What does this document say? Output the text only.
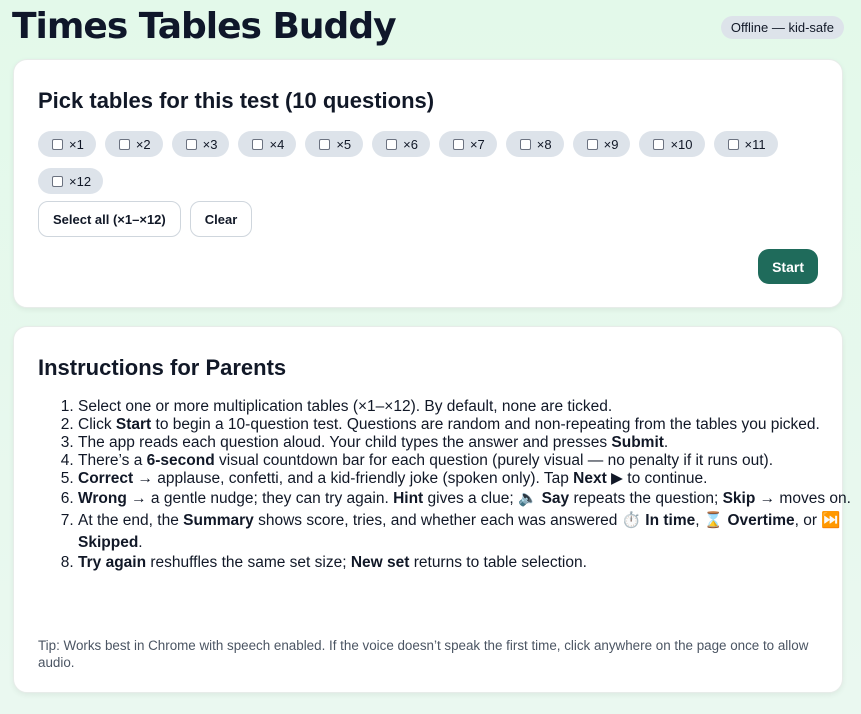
Times Tables Buddy	Offline — kid-safe
Pick tables for this test (10 questions)
×1	×2	×3	×4	×5	×6	×7	×8	×9	×10	×11
×12
Select all (×1–×12)	Clear
Start
Instructions for Parents
1. Select one or more multiplication tables (×1–×12). By default, none are ticked.
2. Click Start to begin a 10-question test. Questions are random and non-repeating from the tables you picked.
3. The app reads each question aloud. Your child types the answer and presses Submit.
4. There’s a 6-second visual countdown bar for each question (purely visual — no penalty if it runs out).
5. Correct → applause, confetti, and a kid-friendly joke (spoken only). Tap Next ▶ to continue.
6. Wrong → a gentle nudge; they can try again. Hint gives a clue; 🔈 Say repeats the question; Skip → moves on.
7. At the end, the Summary shows score, tries, and whether each was answered ⏱️ In time, ⌛ Overtime, or ⏭️ Skipped.
8. Try again reshuffles the same set size; New set returns to table selection.

Tip: Works best in Chrome with speech enabled. If the voice doesn’t speak the first time, click anywhere on the page once to allow audio.
